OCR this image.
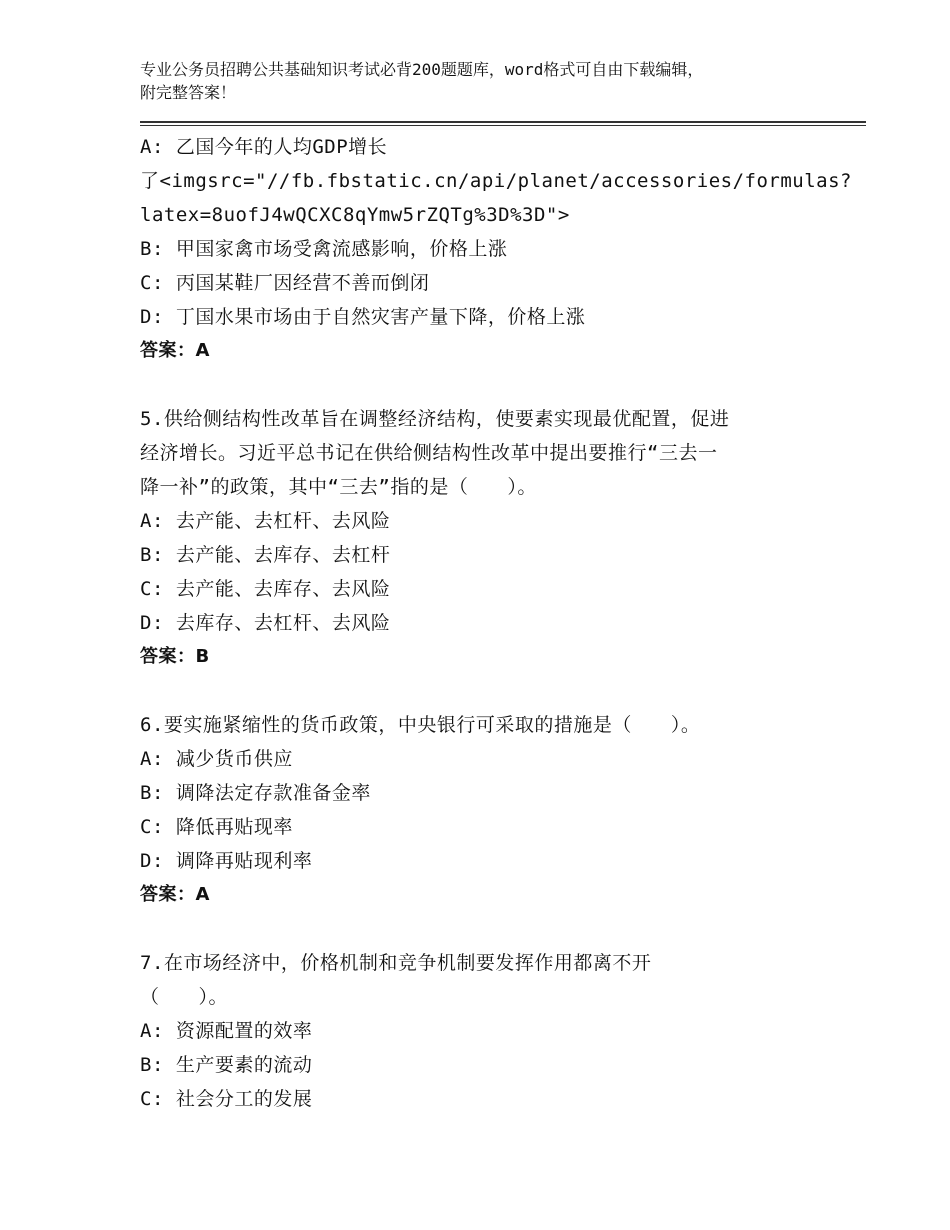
专业公务员招聘公共基础知识考试必背200题题库，word格式可自由下载编辑，
附完整答案！
A: 乙国今年的人均GDP增长
了<imgsrc="//fb.fbstatic.cn/api/planet/accessories/formulas?
latex=8uofJ4wQCXC8qYmw5rZQTg%3D%3D">
B: 甲国家禽市场受禽流感影响，价格上涨
C: 丙国某鞋厂因经营不善而倒闭
D: 丁国水果市场由于自然灾害产量下降，价格上涨
答案：A
5.供给侧结构性改革旨在调整经济结构，使要素实现最优配置，促进
经济增长。习近平总书记在供给侧结构性改革中提出要推行“三去一
降一补”的政策，其中“三去”指的是（　　）。
A: 去产能、去杠杆、去风险
B: 去产能、去库存、去杠杆
C: 去产能、去库存、去风险
D: 去库存、去杠杆、去风险
答案：B
6.要实施紧缩性的货币政策，中央银行可采取的措施是（　　）。
A: 减少货币供应
B: 调降法定存款准备金率
C: 降低再贴现率
D: 调降再贴现利率
答案：A
7.在市场经济中，价格机制和竞争机制要发挥作用都离不开
（　　）。
A: 资源配置的效率
B: 生产要素的流动
C: 社会分工的发展
